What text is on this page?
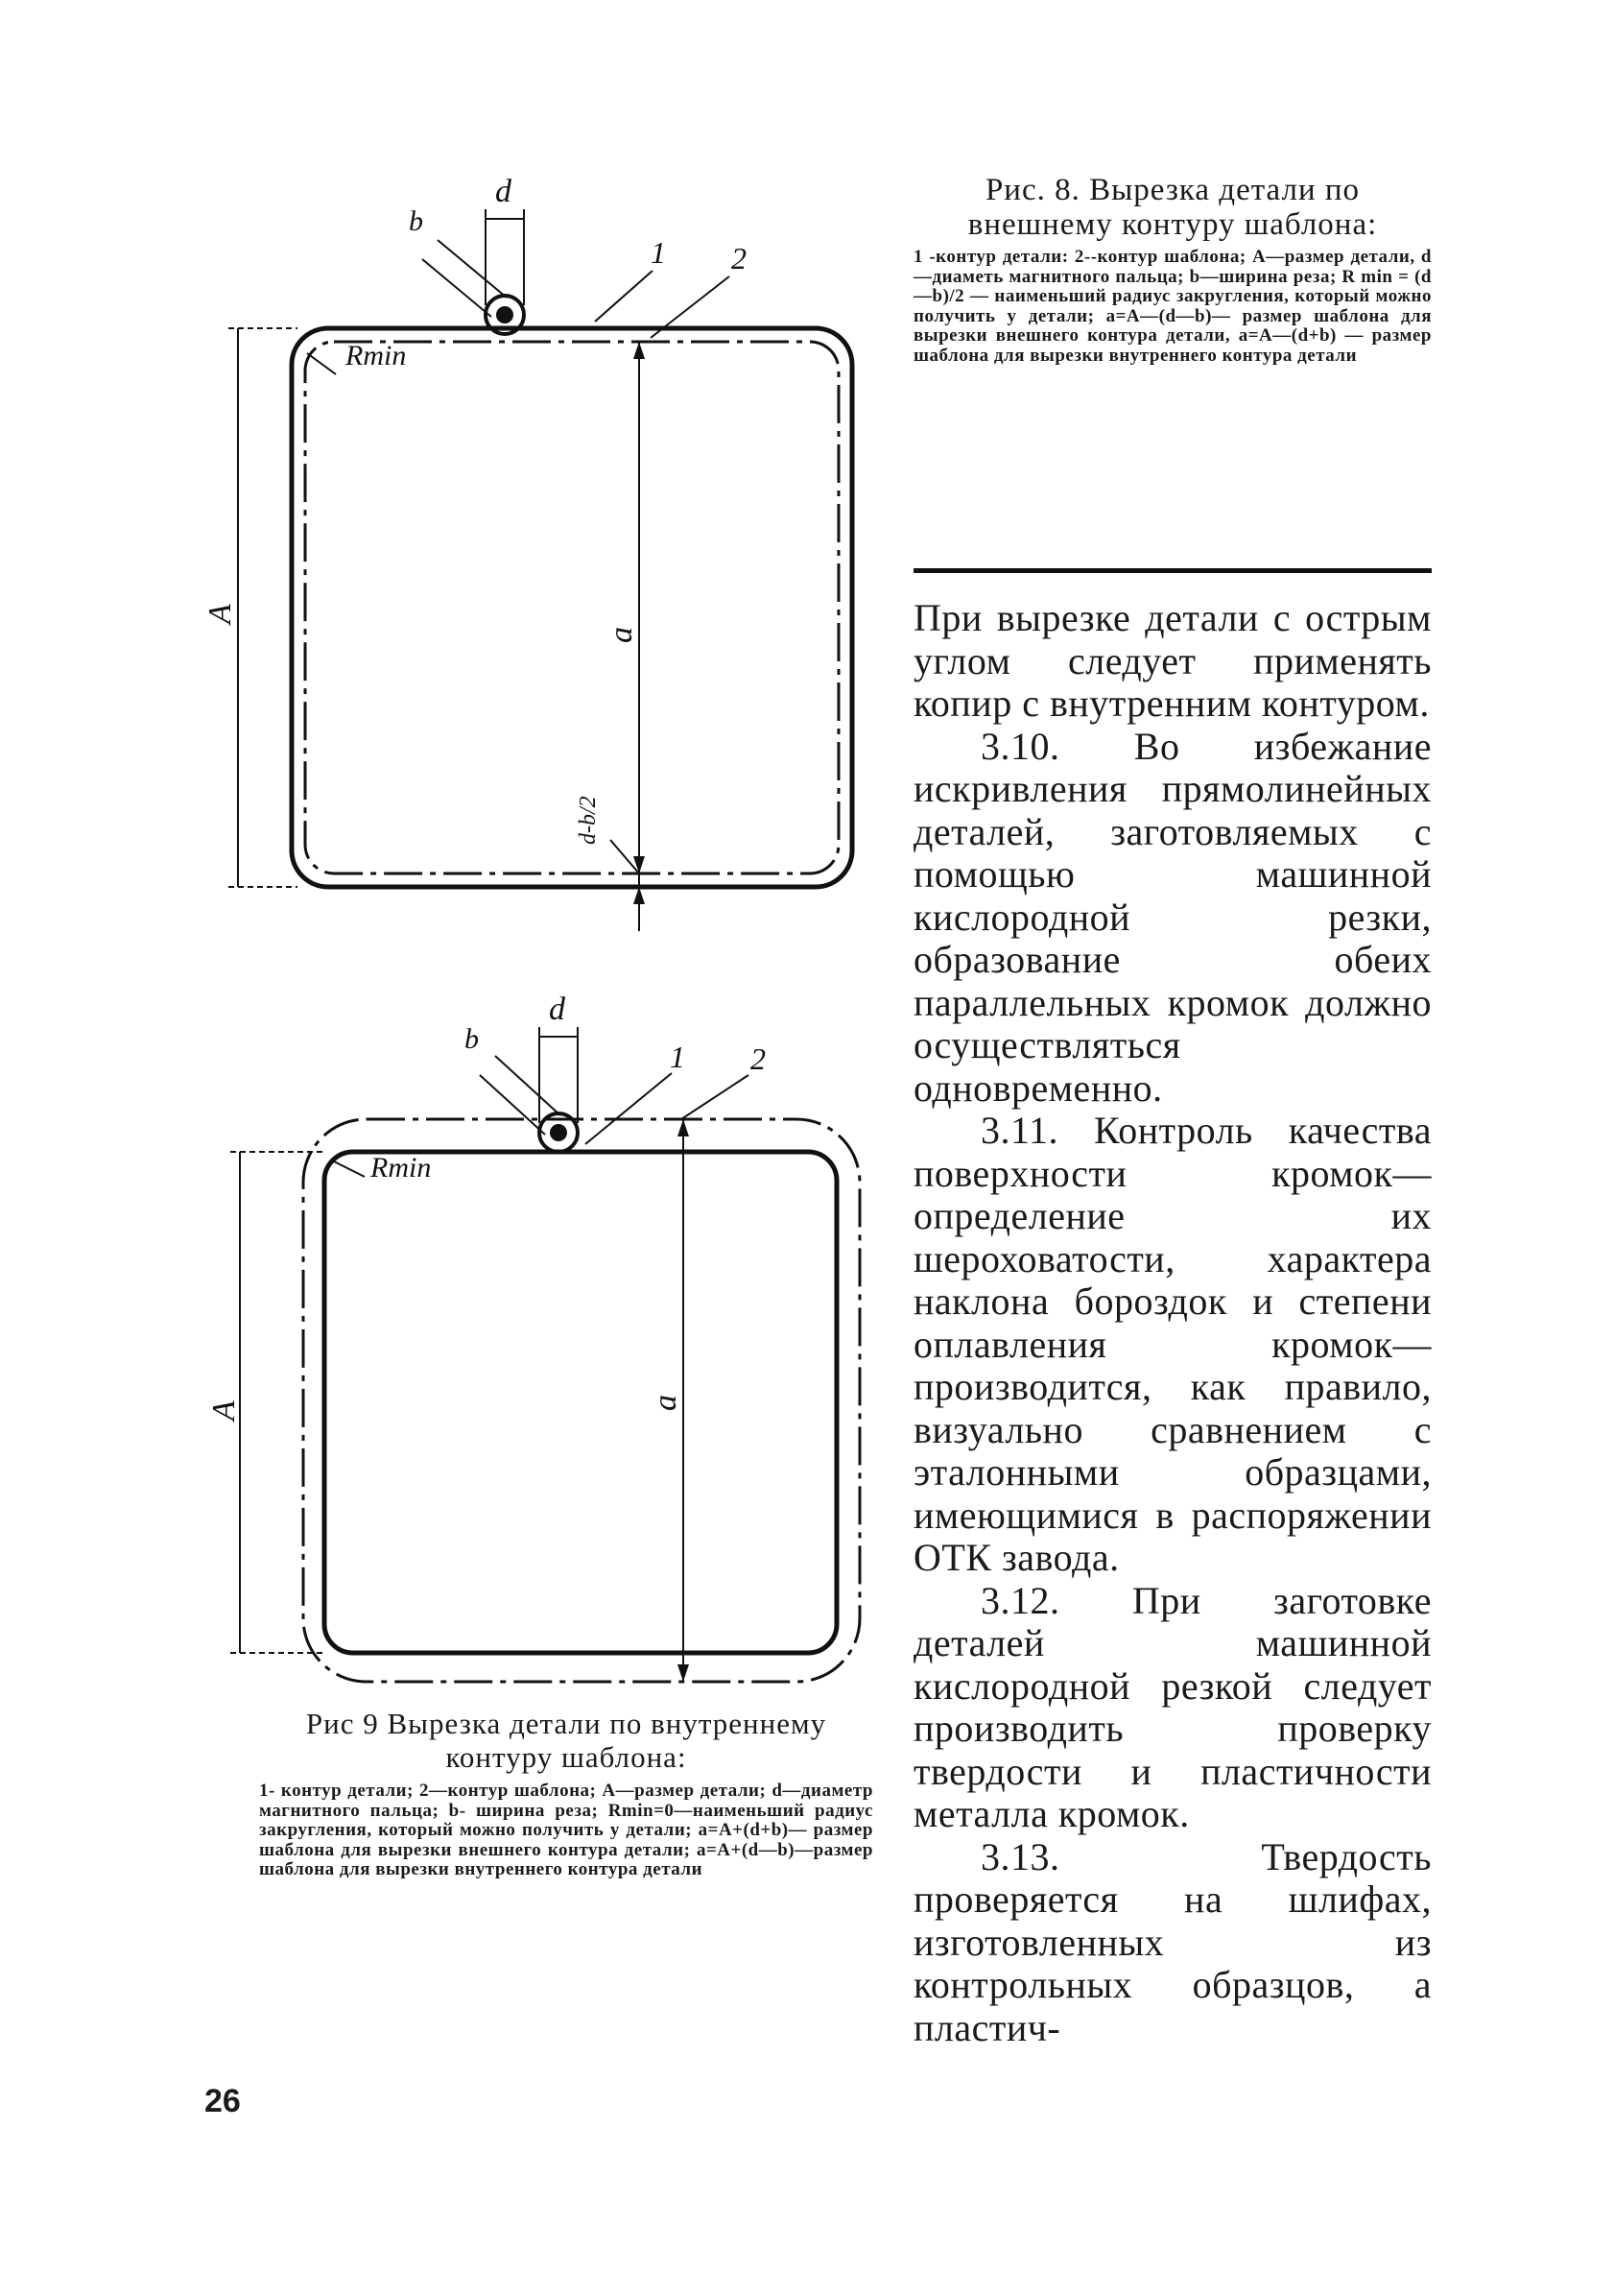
d
b
1 2
Rmin
A
a
d-b/2
Рис. 8. Вырезка детали по внешнему контуру шаблона:
1 -контур детали: 2--контур шаблона; A—размер детали, d—диаметь магнитного пальца; b—ширина реза; R min = (d—b)/2 — наименьший радиус закругления, который можно получить у детали; a=A—(d—b)— размер шаблона для вырезки внешнего контура детали, a=A—(d+b) — размер шаблона для вырезки внутреннего контура детали

При вырезке детали с острым углом следует применять копир с внутренним контуром.

3.10. Во избежание искривления прямолинейных деталей, заготовляемых с помощью машинной кислородной резки, образование обеих параллельных кромок должно осуществляться одновременно.

3.11. Контроль качества поверхности кромок—определение их шероховатости, характера наклона бороздок и степени оплавления кромок—производится, как правило, визуально сравнением с эталонными образцами, имеющимися в распоряжении ОТК завода.

3.12. При заготовке деталей машинной кислородной резкой следует производить проверку твердости и пластичности металла кромок.

3.13. Твердость проверяется на шлифах, изготовленных из контрольных образцов, а пластич-

d
b
1 2
Rmin
A	a
Рис 9 Вырезка детали по внутреннему контуру шаблона:
1- контур детали; 2—контур шаблона; A—размер детали; d—диаметр магнитного пальца; b- ширина реза; Rmin=0—наименьший радиус закругления, который можно получить у детали; a=A+(d+b)— размер шаблона для вырезки внешнего контура детали; a=A+(d—b)—размер шаблона для вырезки внутреннего контура детали
26
